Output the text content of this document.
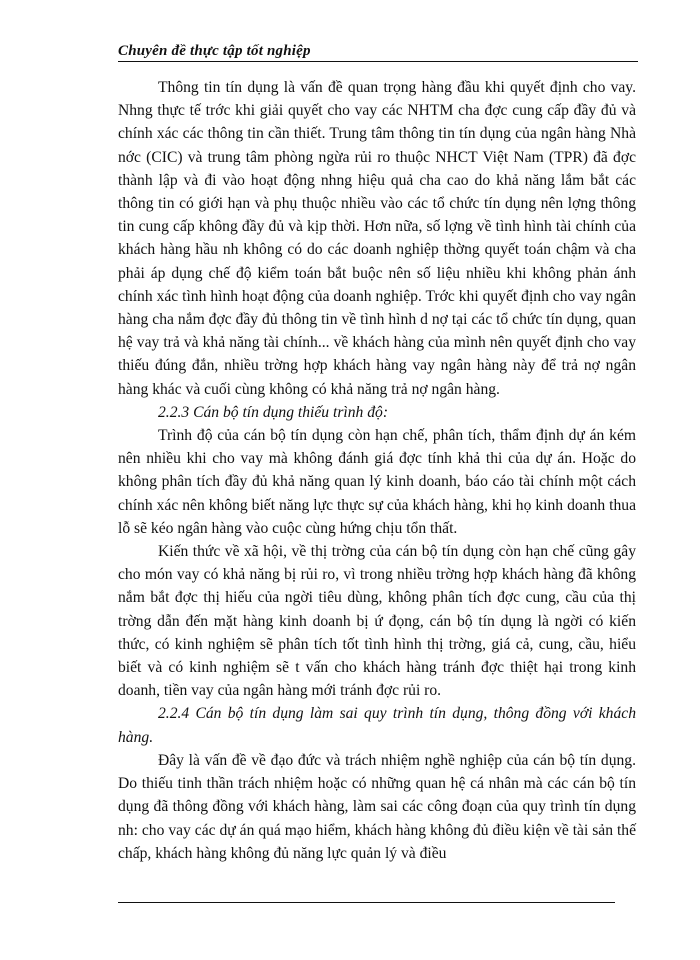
Chuyên đề thực tập tốt nghiệp

Thông tin tín dụng là vấn đề quan trọng hàng đầu khi quyết định cho vay. Nhng thực tế trớc khi giải quyết cho vay các NHTM cha đợc cung cấp đầy đủ và chính xác các thông tin cần thiết. Trung tâm thông tin tín dụng của ngân hàng Nhà nớc (CIC) và trung tâm phòng ngừa rủi ro thuộc NHCT Việt Nam (TPR) đã đợc thành lập và đi vào hoạt động nhng hiệu quả cha cao do khả năng lắm bắt các thông tin có giới hạn và phụ thuộc nhiều vào các tổ chức tín dụng nên lợng thông tin cung cấp không đầy đủ và kịp thời. Hơn nữa, số lợng về tình hình tài chính của khách hàng hầu nh không có do các doanh nghiệp thờng quyết toán chậm và cha phải áp dụng chế độ kiểm toán bắt buộc nên số liệu nhiều khi không phản ánh chính xác tình hình hoạt động của doanh nghiệp. Trớc khi quyết định cho vay ngân hàng cha nắm đợc đầy đủ thông tin về tình hình d nợ tại các tổ chức tín dụng, quan hệ vay trả và khả năng tài chính... về khách hàng của mình nên quyết định cho vay thiếu đúng đắn, nhiều trờng hợp khách hàng vay ngân hàng này để trả nợ ngân hàng khác và cuối cùng không có khả năng trả nợ ngân hàng.

2.2.3 Cán bộ tín dụng thiếu trình độ:

Trình độ của cán bộ tín dụng còn hạn chế, phân tích, thẩm định dự án kém nên nhiều khi cho vay mà không đánh giá đợc tính khả thi của dự án. Hoặc do không phân tích đầy đủ khả năng quan lý kinh doanh, báo cáo tài chính một cách chính xác nên không biết năng lực thực sự của khách hàng, khi họ kinh doanh thua lỗ sẽ kéo ngân hàng vào cuộc cùng hứng chịu tổn thất.

Kiến thức về xã hội, về thị trờng của cán bộ tín dụng còn hạn chế cũng gây cho món vay có khả năng bị rủi ro, vì trong nhiều trờng hợp khách hàng đã không nắm bắt đợc thị hiếu của ngời tiêu dùng, không phân tích đợc cung, cầu của thị trờng dẫn đến mặt hàng kinh doanh bị ứ đọng, cán bộ tín dụng là ngời có kiến thức, có kinh nghiệm sẽ phân tích tốt tình hình thị trờng, giá cả, cung, cầu, hiểu biết và có kinh nghiệm sẽ t vấn cho khách hàng tránh đợc thiệt hại trong kinh doanh, tiền vay của ngân hàng mới tránh đợc rủi ro.

2.2.4 Cán bộ tín dụng làm sai quy trình tín dụng, thông đồng với khách hàng.

Đây là vấn đề về đạo đức và trách nhiệm nghề nghiệp của cán bộ tín dụng. Do thiếu tinh thần trách nhiệm hoặc có những quan hệ cá nhân mà các cán bộ tín dụng đã thông đồng với khách hàng, làm sai các công đoạn của quy trình tín dụng nh: cho vay các dự án quá mạo hiểm, khách hàng không đủ điều kiện về tài sản thế chấp, khách hàng không đủ năng lực quản lý và điều
